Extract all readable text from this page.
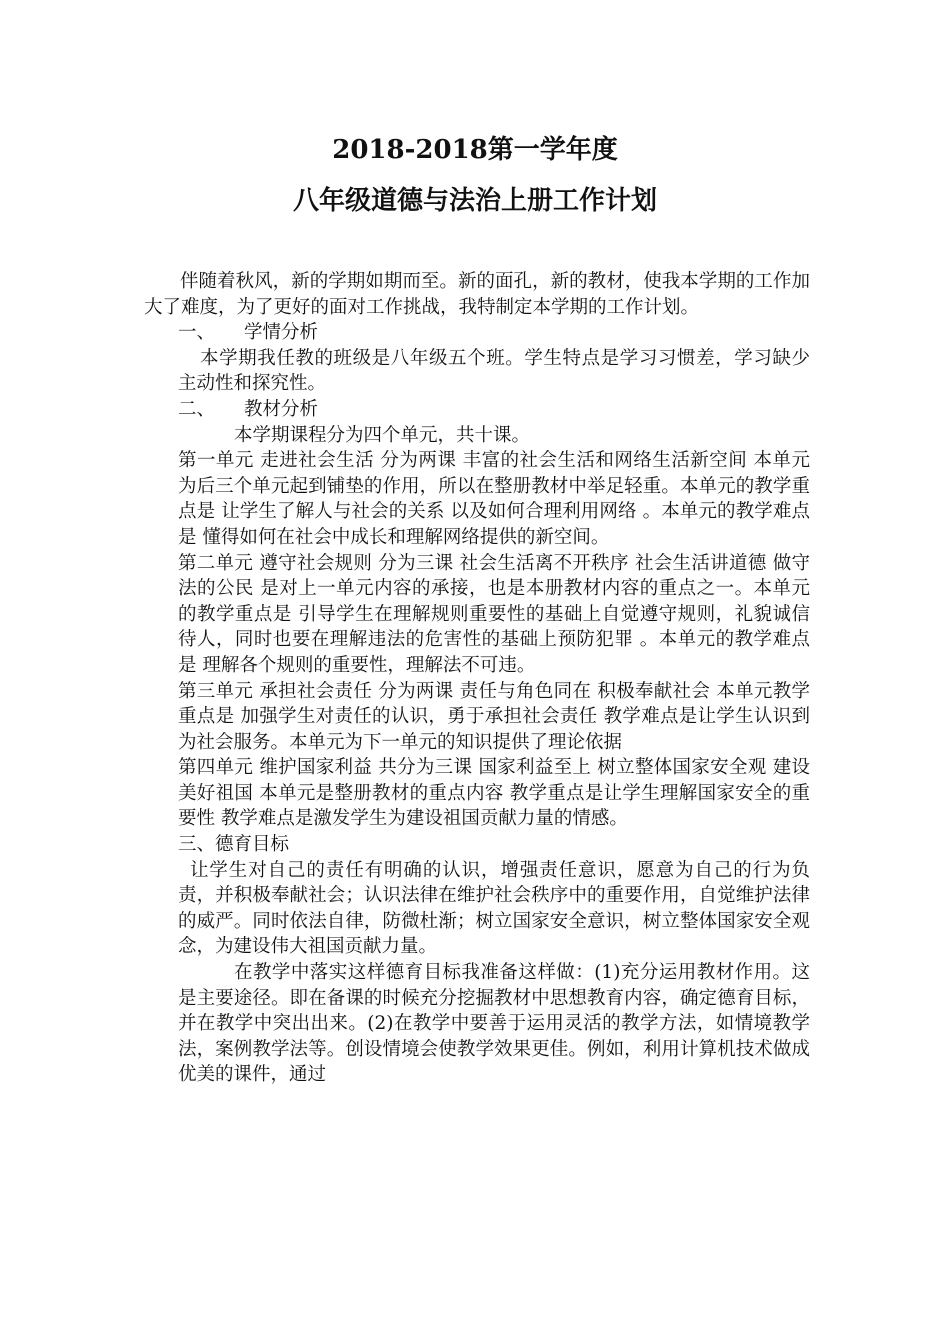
2018-2018第一学年度
八年级道德与法治上册工作计划

伴随着秋风，新的学期如期而至。新的面孔，新的教材，使我本学期的工作加大了难度，为了更好的面对工作挑战，我特制定本学期的工作计划。

一、 学情分析

本学期我任教的班级是八年级五个班。学生特点是学习习惯差，学习缺少主动性和探究性。

二、 教材分析

本学期课程分为四个单元，共十课。

第一单元 走进社会生活 分为两课 丰富的社会生活和网络生活新空间 本单元为后三个单元起到铺垫的作用，所以在整册教材中举足轻重。本单元的教学重点是 让学生了解人与社会的关系 以及如何合理利用网络 。本单元的教学难点是 懂得如何在社会中成长和理解网络提供的新空间。

第二单元 遵守社会规则 分为三课 社会生活离不开秩序 社会生活讲道德 做守法的公民 是对上一单元内容的承接，也是本册教材内容的重点之一。本单元的教学重点是 引导学生在理解规则重要性的基础上自觉遵守规则，礼貌诚信待人，同时也要在理解违法的危害性的基础上预防犯罪 。本单元的教学难点是 理解各个规则的重要性，理解法不可违。

第三单元 承担社会责任 分为两课 责任与角色同在 积极奉献社会 本单元教学重点是 加强学生对责任的认识，勇于承担社会责任 教学难点是让学生认识到为社会服务。本单元为下一单元的知识提供了理论依据

第四单元 维护国家利益 共分为三课 国家利益至上 树立整体国家安全观 建设美好祖国 本单元是整册教材的重点内容 教学重点是让学生理解国家安全的重要性 教学难点是激发学生为建设祖国贡献力量的情感。

三、德育目标

让学生对自己的责任有明确的认识，增强责任意识，愿意为自己的行为负责，并积极奉献社会；认识法律在维护社会秩序中的重要作用，自觉维护法律的威严。同时依法自律，防微杜渐；树立国家安全意识，树立整体国家安全观念，为建设伟大祖国贡献力量。

在教学中落实这样德育目标我准备这样做：(1)充分运用教材作用。这是主要途径。即在备课的时候充分挖掘教材中思想教育内容，确定德育目标，并在教学中突出出来。(2)在教学中要善于运用灵活的教学方法，如情境教学法，案例教学法等。创设情境会使教学效果更佳。例如，利用计算机技术做成优美的课件，通过
